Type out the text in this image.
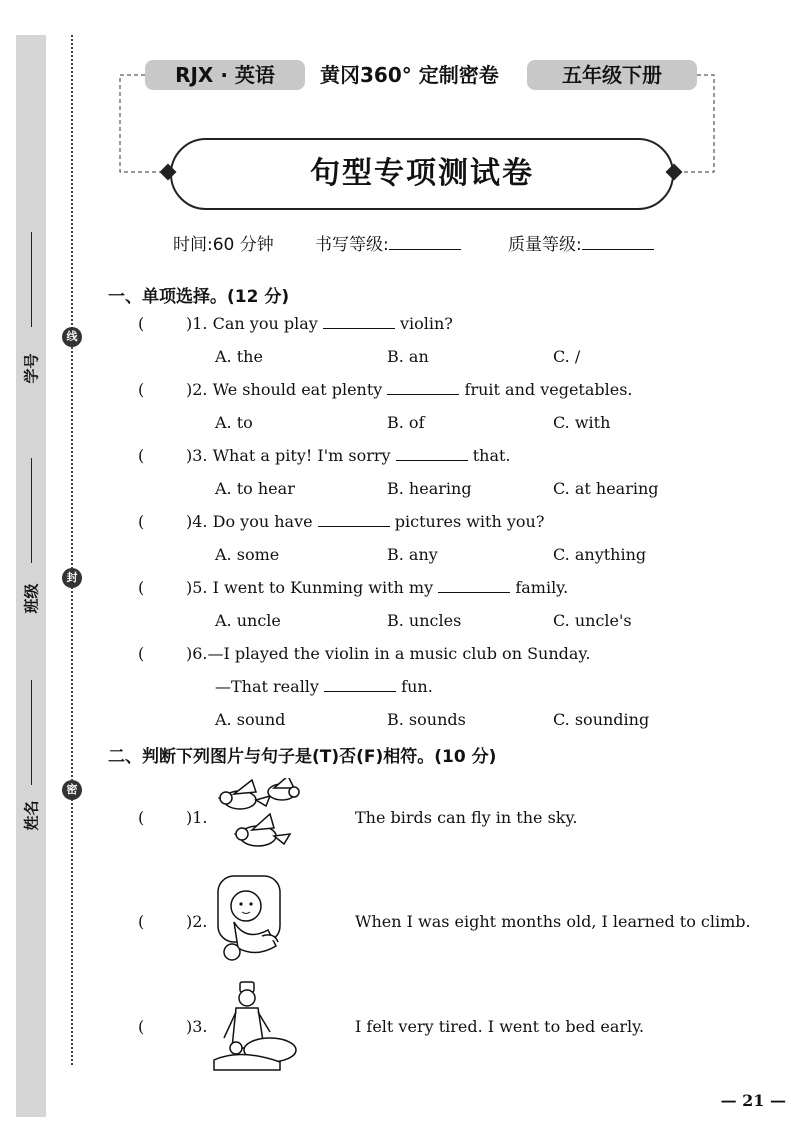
学号
班级
姓名
线
封
密
RJX · 英语	黄冈360° 定制密卷	五年级下册
句型专项测试卷
时间:60 分钟 书写等级:	质量等级:
一、单项选择。(12 分)
(	)1. Can you play	violin?
A. the	B. an	C. /
(	)2. We should eat plenty	fruit and vegetables.
A. to	B. of	C. with
(	)3. What a pity! I'm sorry	that.
A. to hear	B. hearing	C. at hearing
(	)4. Do you have	pictures with you?
A. some	B. any	C. anything
(	)5. I went to Kunming with my	family.
A. uncle	B. uncles	C. uncle's
(	)6.—I played the violin in a music club on Sunday.
—That really	fun.
A. sound	B. sounds	C. sounding
二、判断下列图片与句子是(T)否(F)相符。(10 分)
(	)1.	The birds can fly in the sky.
(	)2.	When I was eight months old, I learned to climb.
(	)3.	I felt very tired. I went to bed early.
— 21 —
